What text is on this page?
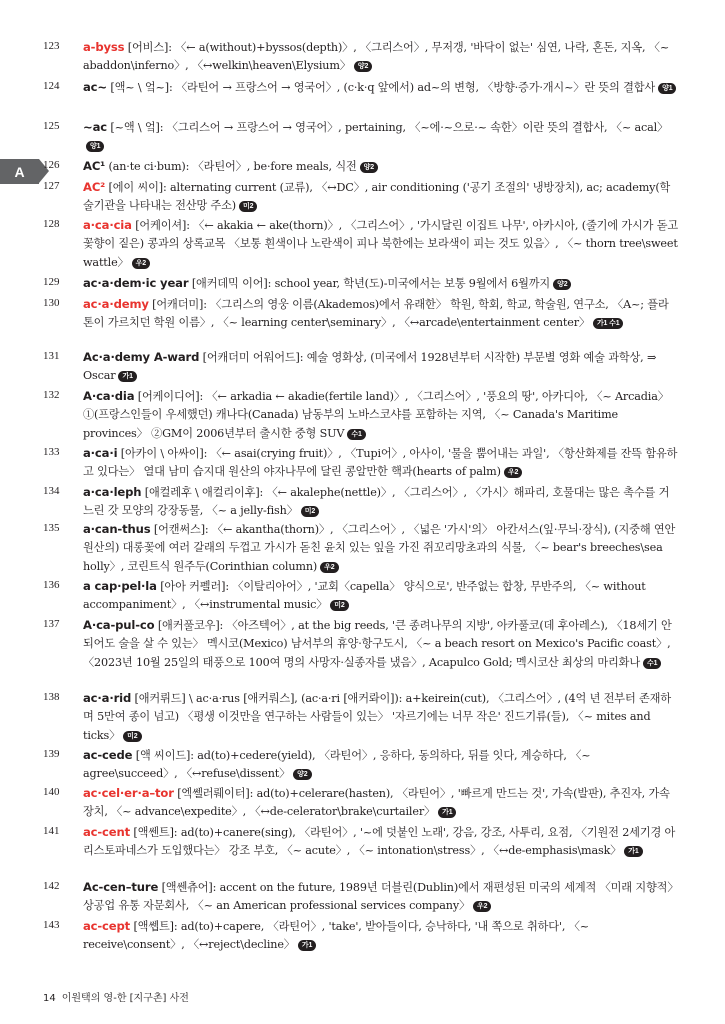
A
123 a-byss [어비스]: 〈← a(without)+byssos(depth)〉, 〈그리스어〉, 무저갱, '바닥이 없는' 심연, 나락, 혼돈, 지옥, 〈~ abaddon\inferno〉, 〈↔welkin\heaven\Elysium〉 양2
124 ac~ [액~ \ 엌~]: 〈라틴어 → 프랑스어 → 영국어〉, (c·k·q 앞에서) ad~의 변형, 〈방향·증가·개시~〉란 뜻의 결합사 양1
125 ~ac [~액 \ 엌]: 〈그리스어 → 프랑스어 → 영국어〉, pertaining, 〈~에·~으로·~ 속한〉이란 뜻의 결합사, 〈~ acal〉양1
126 AC¹ (an·te ci·bum): 〈라틴어〉, be·fore meals, 식전 양2
127 AC² [에이 씨이]: alternating current (교류), 〈↔DC〉, air conditioning ('공기 조절의' 냉방장치), ac; academy(학술기관을 나타내는 전산망 주소) 미2
128 a·ca·cia [어케이셔]: 〈← akakia ← ake(thorn)〉, 〈그리스어〉, '가시달린 이집트 나무', 아카시아, (줄기에 가시가 돋고 꽃향이 짙은) 콩과의 상록교목 〈보통 흰색이나 노란색이 피나 북한에는 보라색이 피는 것도 있음〉, 〈~ thorn tree\sweet wattle〉 우2
129 ac·a·dem·ic year [애커데믹 이어]: school year, 학년(도)-미국에서는 보통 9월에서 6월까지 양2
130 ac·a·demy [어캐더미]: 〈그리스의 영웅 이름(Akademos)에서 유래한〉 학원, 학회, 학교, 학술원, 연구소, 〈A~; 플라톤이 가르치던 학원 이름〉, 〈~ learning center\seminary〉, 〈↔arcade\entertainment center〉 가1 수1
131 Ac·a·demy A-ward [어캐더미 어워어드]: 예술 영화상, (미국에서 1928년부터 시작한) 부문별 영화 예술 과학상, ⇒ Oscar 가1
132 A·ca·dia [어케이디어]: 〈← arkadia ← akadie(fertile land)〉, 〈그리스어〉, '풍요의 땅', 아카디아, 〈~ Arcadia〉 ①(프랑스인들이 우세했던) 캐나다(Canada) 남동부의 노바스코샤를 포함하는 지역, 〈~ Canada's Maritime provinces〉 ②GM이 2006년부터 출시한 중형 SUV 수1
133 a·ca·i [아카이 \ 아싸이]: 〈← asai(crying fruit)〉, 〈Tupi어〉, 아사이, '물을 뿜어내는 과일', 〈항산화제를 잔뜩 함유하고 있다는〉 열대 남미 습지대 원산의 야자나무에 달린 콩알만한 핵과(hearts of palm) 우2
134 a·ca·leph [애컬레후 \ 애컬리이후]: 〈← akalephe(nettle)〉, 〈그리스어〉, 〈가시〉해파리, 호물대는 많은 촉수를 거느린 갓 모양의 강장동물, 〈~ a jelly-fish〉 미2
135 a·can-thus [어캔써스]: 〈← akantha(thorn)〉, 〈그리스어〉, 〈넓은 '가시'의〉 아칸서스(잎·무늬·장식), (지중해 연안 원산의) 대롱꽃에 여러 갈래의 두껍고 가시가 돋친 윤치 있는 잎을 가진 쥐꼬리망초과의 식물, 〈~ bear's breeches\sea holly〉, 코린트식 원주두(Corinthian column) 우2
136 a cap·pel·la [아아 커펠러]: 〈이탈리아어〉, '교회〈capella〉 양식으로', 반주없는 합창, 무반주의, 〈~ without accompaniment〉, 〈↔instrumental music〉 미2
137 A·ca-pul-co [애커풀코우]: 〈아즈텍어〉, at the big reeds, '큰 종려나무의 지방', 아카풀코(데 후아레스), 〈18세기 안 되어도 술을 살 수 있는〉 멕시코(Mexico) 남서부의 휴양·항구도시, 〈~ a beach resort on Mexico's Pacific coast〉, 〈2023년 10월 25일의 태풍으로 100여 명의 사망자·실종자를 냈음〉, Acapulco Gold; 멕시코산 최상의 마리화나 수1
138 ac·a·rid [애커뤼드] \ ac·a·rus [애커뤄스], (ac·a·ri [애커롸이]): a+keirein(cut), 〈그리스어〉, (4억 년 전부터 존재하며 5만여 종이 넘고) 〈평생 이것만을 연구하는 사람들이 있는〉 '자르기에는 너무 작은' 진드기류(들), 〈~ mites and ticks〉 미2
139 ac-cede [액 씨이드]: ad(to)+cedere(yield), 〈라틴어〉, 응하다, 동의하다, 뒤를 잇다, 계승하다, 〈~ agree\succeed〉, 〈↔refuse\dissent〉 양2
140 ac·cel·er·a–tor [엑쎌러뤠이터]: ad(to)+celerare(hasten), 〈라틴어〉, '빠르게 만드는 것', 가속(발판), 추진자, 가속장치, 〈~ advance\expedite〉, 〈↔de-celerator\brake\curtailer〉 가1
141 ac-cent [액쎈트]: ad(to)+canere(sing), 〈라틴어〉, '~에 덧붙인 노래', 강음, 강조, 사투리, 요점, 〈기원전 2세기경 아리스토파네스가 도입했다는〉 강조 부호, 〈~ acute〉, 〈~ intonation\stress〉, 〈↔de-emphasis\mask〉 가1
142 Ac-cen–ture [액쎈츄어]: accent on the future, 1989년 더블린(Dublin)에서 재편성된 미국의 세계적 〈미래 지향적〉 상공업 유통 자문회사, 〈~ an American professional services company〉 우2
143 ac-cept [액쎕트]: ad(to)+capere, 〈라틴어〉, 'take', 받아들이다, 승낙하다, '내 쪽으로 취하다', 〈~ receive\consent〉, 〈↔reject\decline〉 가1
14 이원택의 영-한 [지구촌] 사전
